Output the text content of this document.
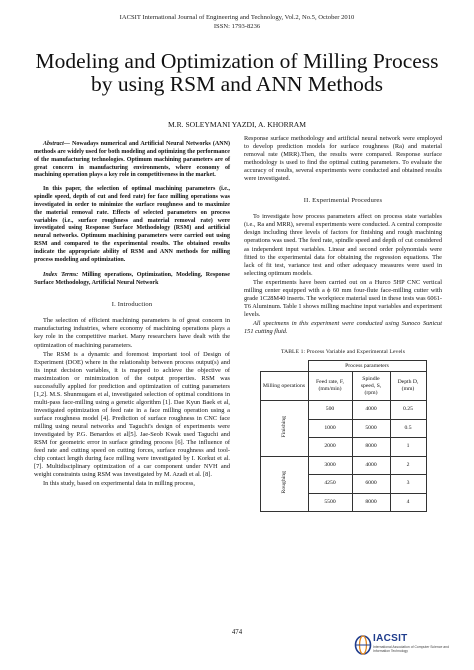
IACSIT International Journal of Engineering and Technology, Vol.2, No.5, October 2010
ISSN: 1793-8236
Modeling and Optimization of Milling Process
by using RSM and ANN Methods
M.R. SOLEYMANI YAZDI, A. KHORRAM

Abstract— Nowadays numerical and Artificial Neural Networks (ANN) methods are widely used for both modeling and optimizing the performance of the manufacturing technologies. Optimum machining parameters are of great concern in manufacturing environments, where economy of machining operation plays a key role in competitiveness in the market.

In this paper, the selection of optimal machining parameters (i.e., spindle speed, depth of cut and feed rate) for face milling operations was investigated in order to minimize the surface roughness and to maximize the material removal rate. Effects of selected parameters on process variables (i.e., surface roughness and material removal rate) were investigated using Response Surface Methodology (RSM) and artificial neural networks. Optimum machining parameters were carried out using RSM and compared to the experimental results. The obtained results indicate the appropriate ability of RSM and ANN methods for milling process modeling and optimization.

Index Terms: Milling operations, Optimization, Modeling, Response Surface Methodology, Artificial Neural Network

I. Introduction

The selection of efficient machining parameters is of great concern in manufacturing industries, where economy of machining operations plays a key role in the competitive market. Many researchers have dealt with the optimization of machining parameters.

The RSM is a dynamic and foremost important tool of Design of Experiment (DOE) where in the relationship between process output(s) and its input decision variables, it is mapped to achieve the objective of maximization or minimization of the output properties. RSM was successfully applied for prediction and optimization of cutting parameters [1,2]. M.S. Shunmugam et al, investigated selection of optimal conditions in multi-pass face-milling using a genetic algorithm [1]. Dae Kyun Baek et al, investigated optimization of feed rate in a face milling operation using a surface roughness model [4]. Prediction of surface roughness in CNC face milling using neural networks and Taguchi's design of experiments were investigated by P.G. Benardos et al[5]. Jae-Seob Kwak used Taguchi and RSM for geometric error in surface grinding process [6]. The influence of feed rate and cutting speed on cutting forces, surface roughness and tool-chip contact length during face milling were investigated by I. Korkut et al. [7]. Multidisciplinary optimization of a car component under NVH and weight constraints using RSM was investigated by M. Azadi et al. [8].

In this study, based on experimental data in milling process,

Response surface methodology and artificial neural network were employed to develop prediction models for surface roughness (Ra) and material removal rate (MRR).Then, the results were compared. Response surface methodology is used to find the optimal cutting parameters. To evaluate the accuracy of results, several experiments were conducted and obtained results were investigated.

II. Experimental Procedures

To investigate how process parameters affect on process state variables (i.e., Ra and MRR), several experiments were conducted. A central composite design including three levels of factors for finishing and rough machining operations was used. The feed rate, spindle speed and depth of cut considered as independent input variables. Linear and second order polynomials were fitted to the experimental data for obtaining the regression equations. The lack of fit test, variance test and other adequacy measures were used in selecting optimum models.

The experiments have been carried out on a Hurco 5HP CNC vertical milling center equipped with a ϕ 60 mm four-flute face-milling cutter with grade 1C28M40 inserts. The workpiece material used in these tests was 6061-T6 Aluminum. Table 1 shows milling machine input variables and experiment levels.

All specimens in this experiment were conducted using Sunoco Sunicut 151 cutting fluid.

TABLE 1: Process Variable and Experimental Levels
	Process parameters		
Milling operations	Feed rate, F, (mm/min)	Spindle speed, S, (rpm)	Depth D, (mm)
Finishing	500	4000	0.25
	1000	5000	0.5
	2000	8000	1
Roughing	3000	4000	2
	4250	6000	3
	5500	8000	4
474
IACSIT
International Association of Computer Science and Information Technology
